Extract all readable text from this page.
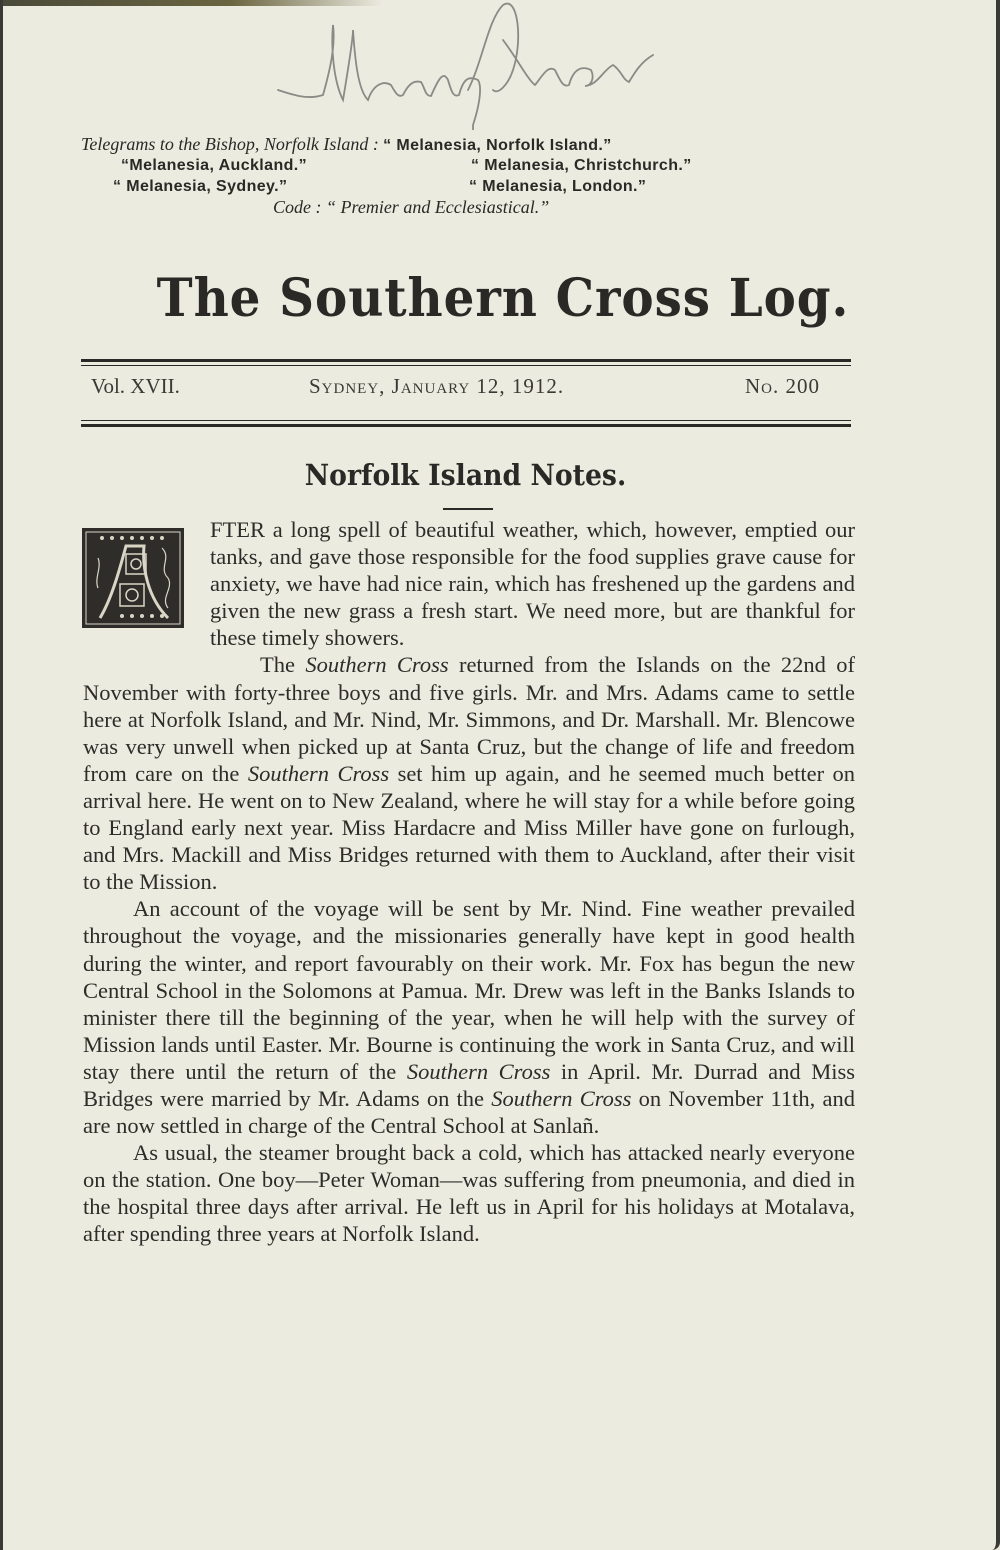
Telegrams to the Bishop, Norfolk Island : “ Melanesia, Norfolk Island.”
“Melanesia, Auckland.”	“ Melanesia, Christchurch.”
“ Melanesia, Sydney.”	“ Melanesia, London.”
Code : “ Premier and Ecclesiastical.”
The Southern Cross Log.
Vol. XVII.	Sydney, January 12, 1912.	No. 200
Norfolk Island Notes.

FTER a long spell of beautiful weather, which, however, emptied our tanks, and gave those responsible for the food supplies grave cause for anxiety, we have had nice rain, which has freshened up the gardens and given the new grass a fresh start. We need more, but are thankful for these timely showers.

The Southern Cross returned from the Islands on the 22nd of November with forty-three boys and five girls. Mr. and Mrs. Adams came to settle here at Norfolk Island, and Mr. Nind, Mr. Simmons, and Dr. Marshall. Mr. Blencowe was very unwell when picked up at Santa Cruz, but the change of life and freedom from care on the Southern Cross set him up again, and he seemed much better on arrival here. He went on to New Zealand, where he will stay for a while before going to England early next year. Miss Hardacre and Miss Miller have gone on furlough, and Mrs. Mackill and Miss Bridges returned with them to Auckland, after their visit to the Mission.

An account of the voyage will be sent by Mr. Nind. Fine weather prevailed throughout the voyage, and the missionaries generally have kept in good health during the winter, and report favourably on their work. Mr. Fox has begun the new Central School in the Solomons at Pamua. Mr. Drew was left in the Banks Islands to minister there till the beginning of the year, when he will help with the survey of Mission lands until Easter. Mr. Bourne is continuing the work in Santa Cruz, and will stay there until the return of the Southern Cross in April. Mr. Durrad and Miss Bridges were married by Mr. Adams on the Southern Cross on November 11th, and are now settled in charge of the Central School at Sanlañ.

As usual, the steamer brought back a cold, which has attacked nearly everyone on the station. One boy—Peter Woman—was suffering from pneumonia, and died in the hospital three days after arrival. He left us in April for his holidays at Motalava, after spending three years at Norfolk Island.
